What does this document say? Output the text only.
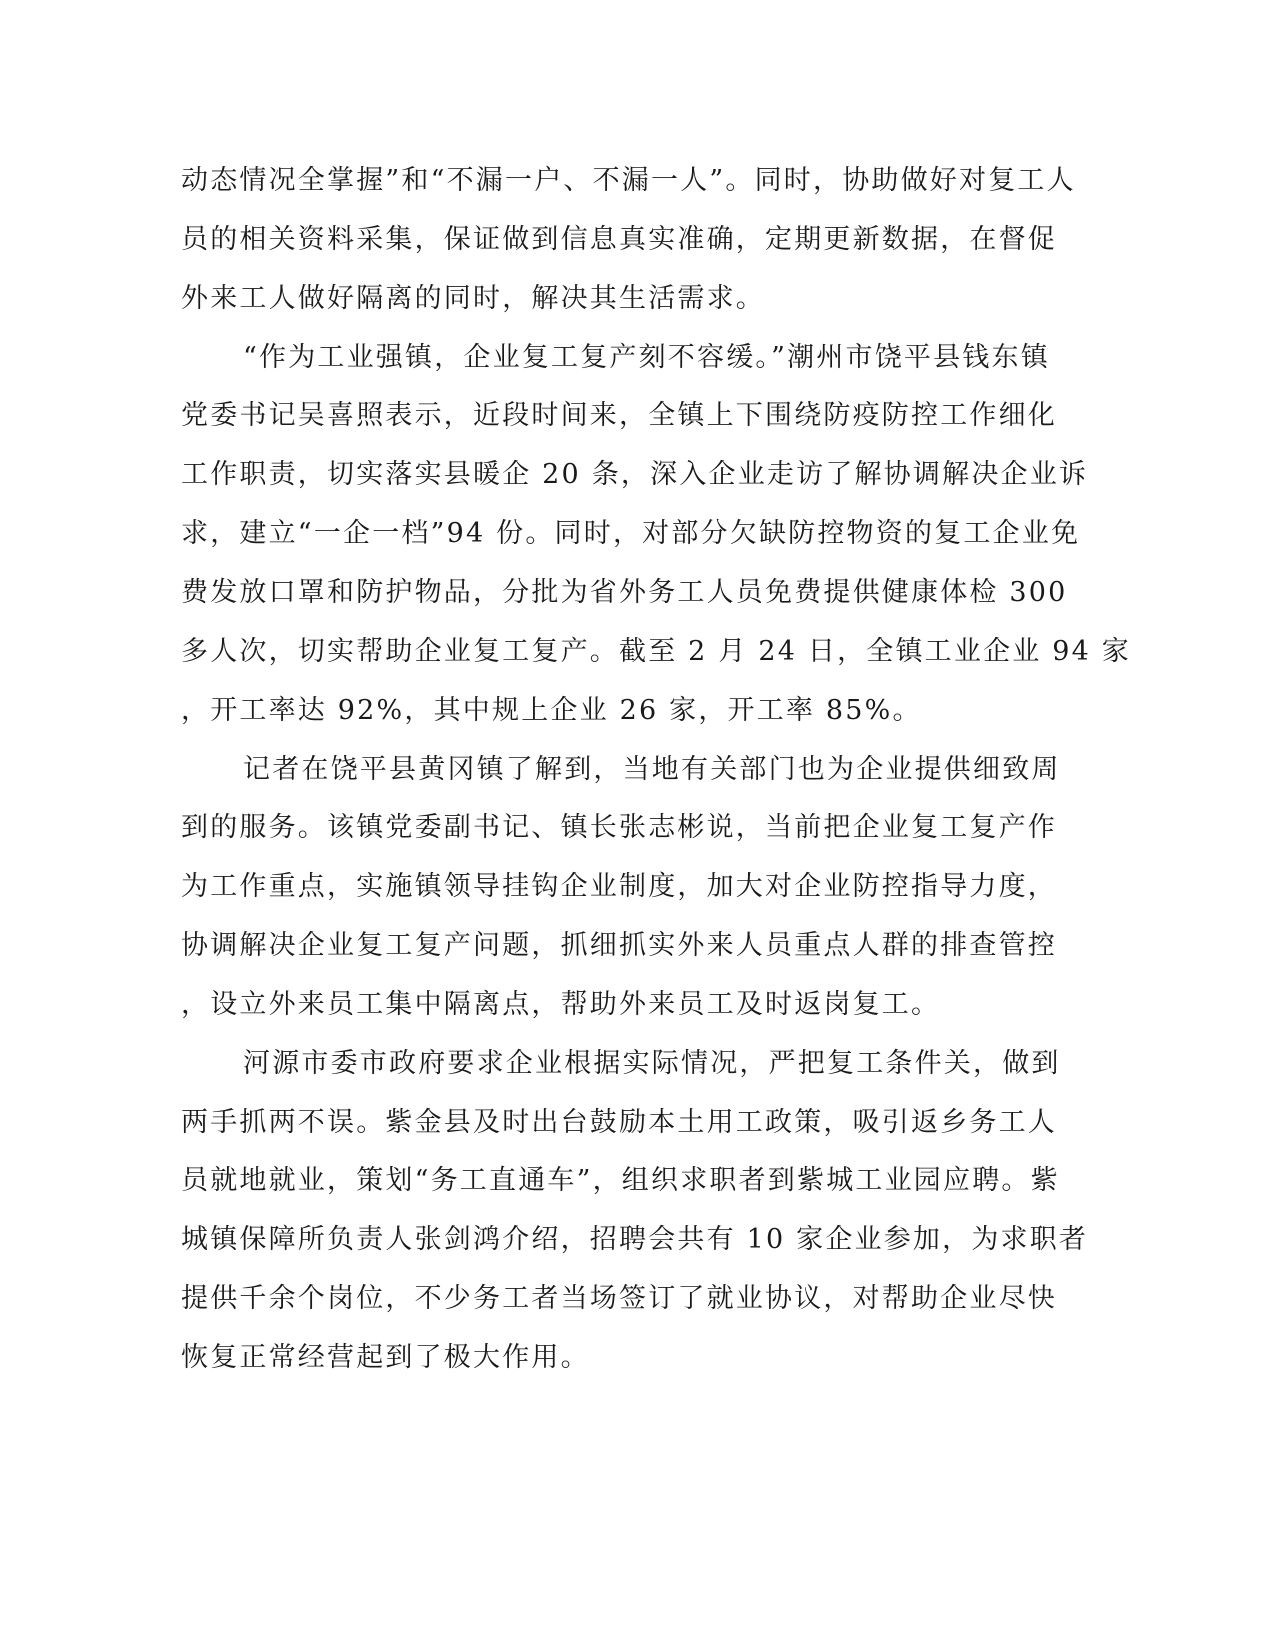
动态情况全掌握”和“不漏一户、不漏一人”。同时，协助做好对复工人
员的相关资料采集，保证做到信息真实准确，定期更新数据，在督促
外来工人做好隔离的同时，解决其生活需求。
“作为工业强镇，企业复工复产刻不容缓。”潮州市饶平县钱东镇
党委书记吴喜照表示，近段时间来，全镇上下围绕防疫防控工作细化
工作职责，切实落实县暖企 20 条，深入企业走访了解协调解决企业诉
求，建立“一企一档”94 份。同时，对部分欠缺防控物资的复工企业免
费发放口罩和防护物品，分批为省外务工人员免费提供健康体检 300
多人次，切实帮助企业复工复产。截至 2 月 24 日，全镇工业企业 94 家
，开工率达 92%，其中规上企业 26 家，开工率 85%。
记者在饶平县黄冈镇了解到，当地有关部门也为企业提供细致周
到的服务。该镇党委副书记、镇长张志彬说，当前把企业复工复产作
为工作重点，实施镇领导挂钩企业制度，加大对企业防控指导力度，
协调解决企业复工复产问题，抓细抓实外来人员重点人群的排查管控
，设立外来员工集中隔离点，帮助外来员工及时返岗复工。
河源市委市政府要求企业根据实际情况，严把复工条件关，做到
两手抓两不误。紫金县及时出台鼓励本土用工政策，吸引返乡务工人
员就地就业，策划“务工直通车”，组织求职者到紫城工业园应聘。紫
城镇保障所负责人张剑鸿介绍，招聘会共有 10 家企业参加，为求职者
提供千余个岗位，不少务工者当场签订了就业协议，对帮助企业尽快
恢复正常经营起到了极大作用。
